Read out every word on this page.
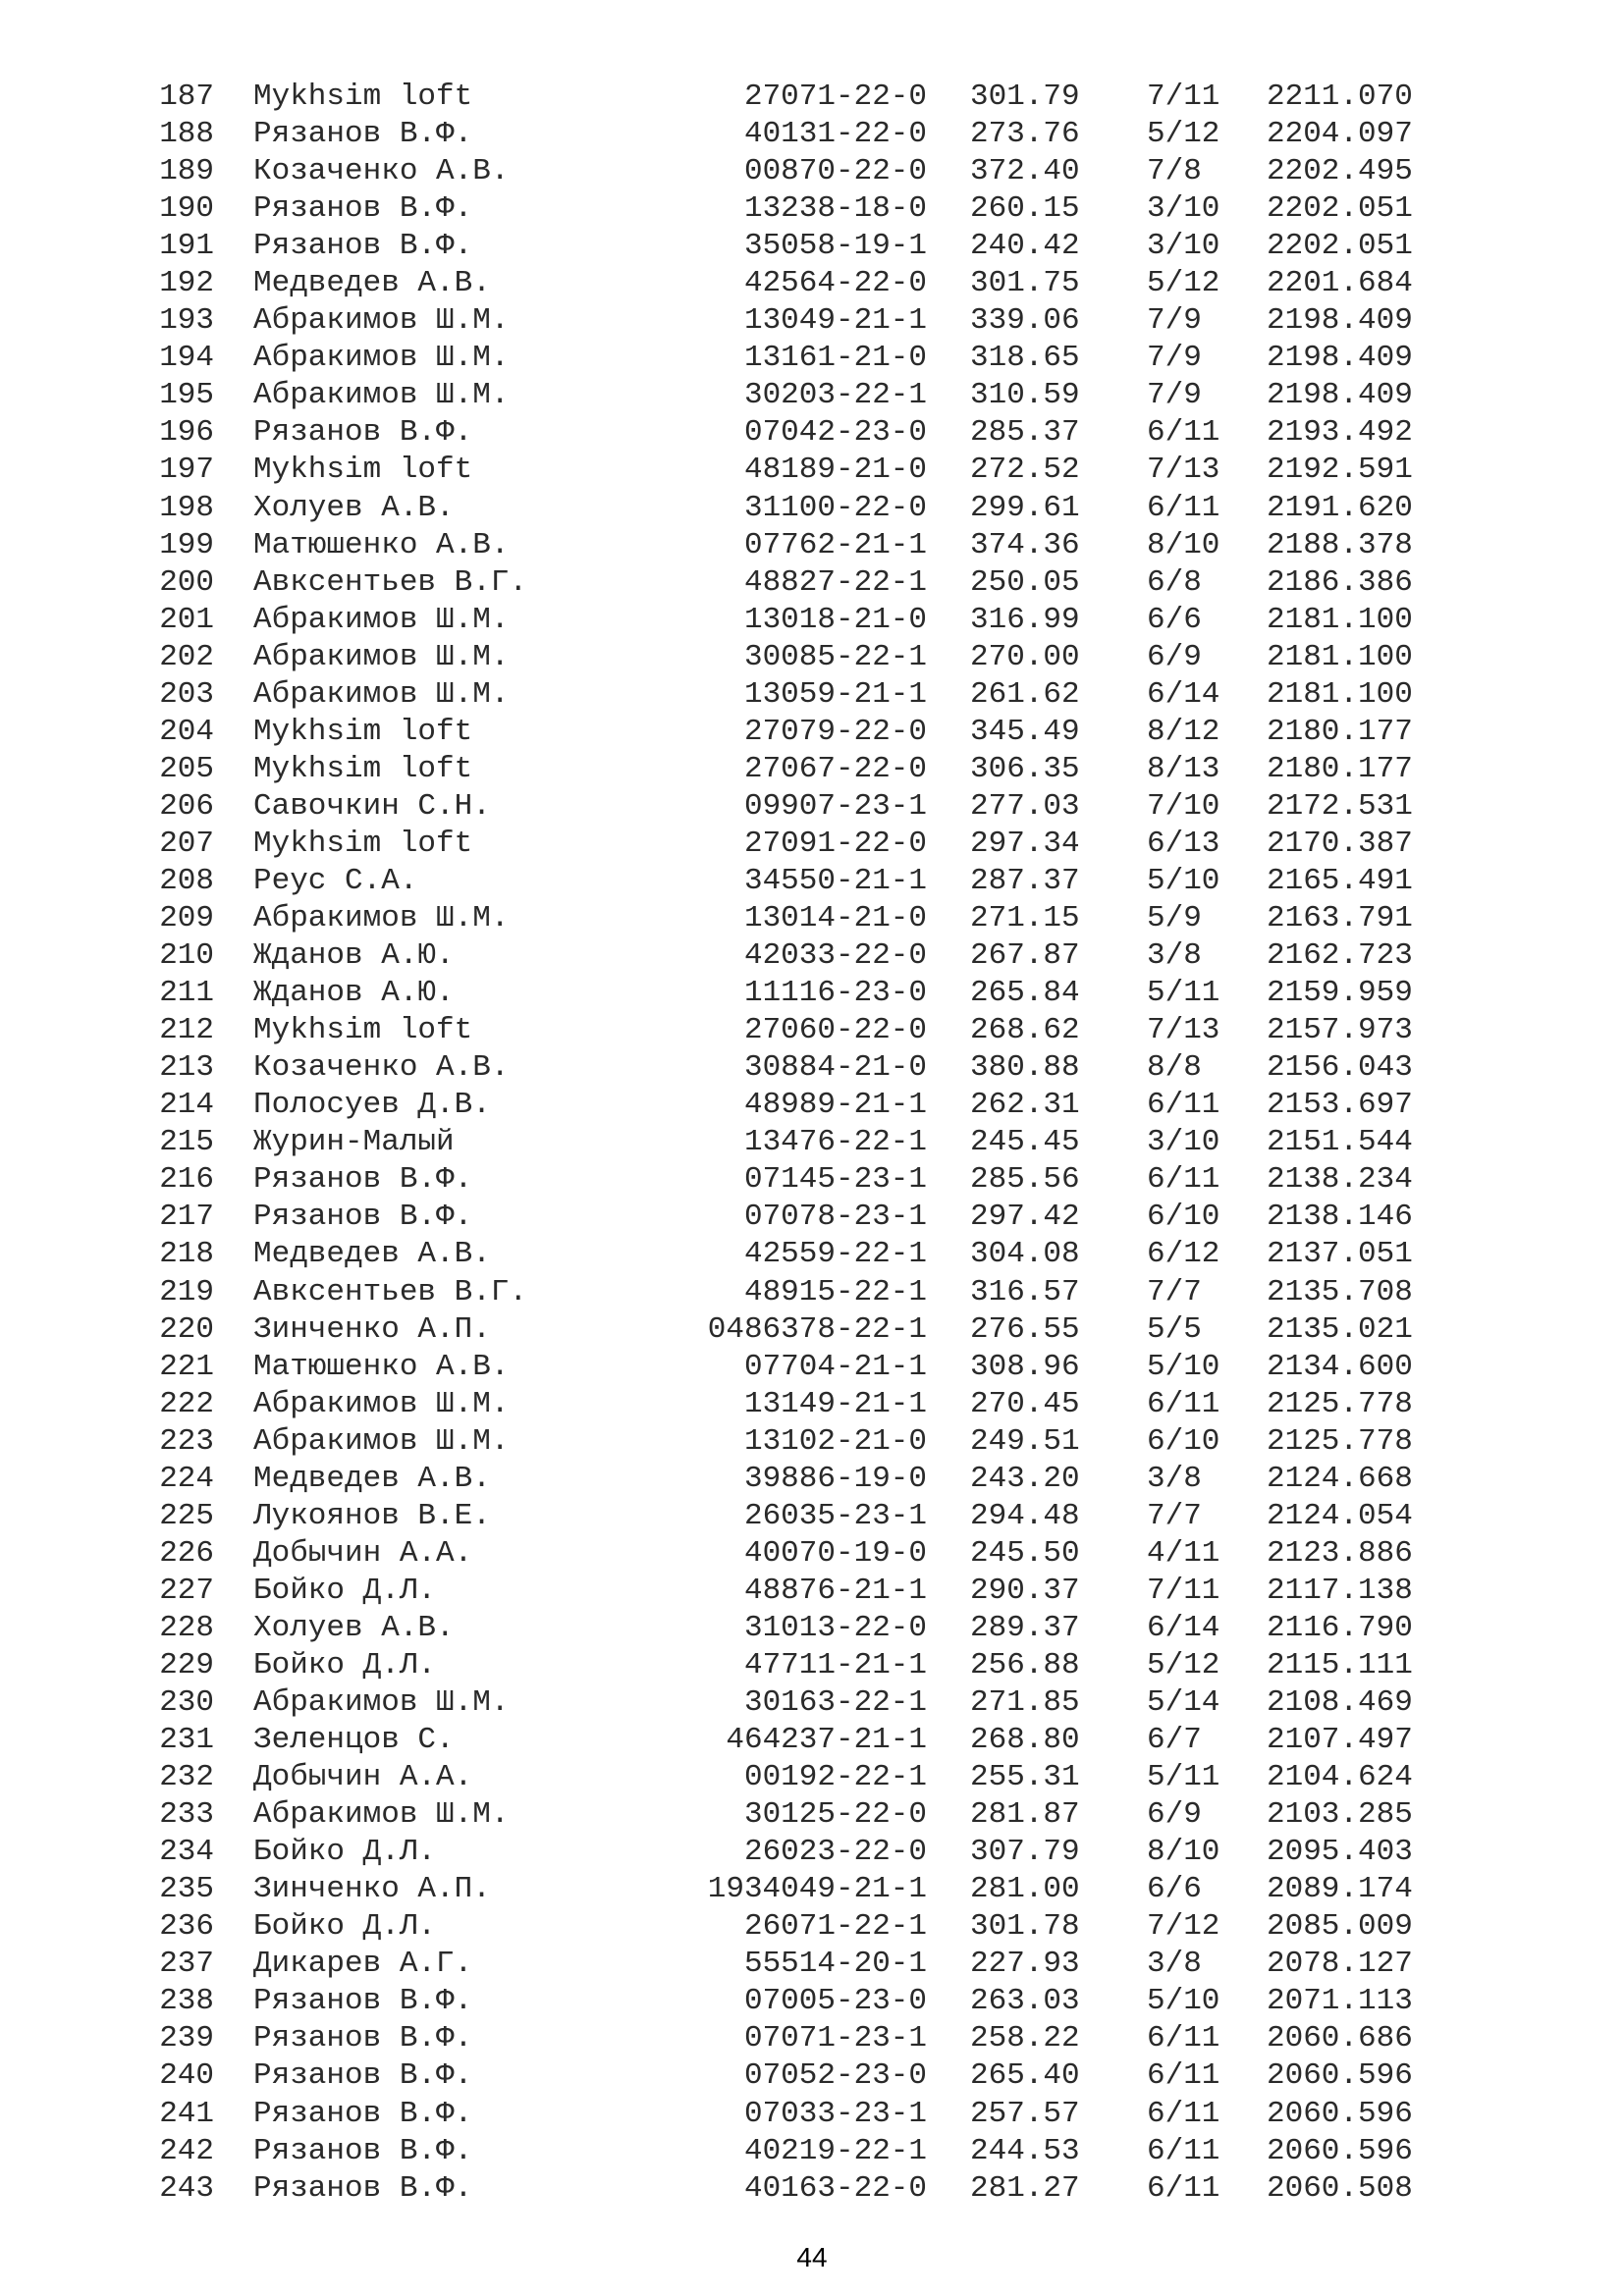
187 Mykhsim loft	27071-22-0 301.79 7/11 2211.070
188 Рязанов В.Ф.	40131-22-0 273.76 5/12 2204.097
189 Козаченко А.В.	00870-22-0 372.40 7/8 2202.495
190 Рязанов В.Ф.	13238-18-0 260.15 3/10 2202.051
191 Рязанов В.Ф.	35058-19-1 240.42 3/10 2202.051
192 Медведев А.В.	42564-22-0 301.75 5/12 2201.684
193 Абракимов Ш.М.	13049-21-1 339.06 7/9 2198.409
194 Абракимов Ш.М.	13161-21-0 318.65 7/9 2198.409
195 Абракимов Ш.М.	30203-22-1 310.59 7/9 2198.409
196 Рязанов В.Ф.	07042-23-0 285.37 6/11 2193.492
197 Mykhsim loft	48189-21-0 272.52 7/13 2192.591
198 Холуев А.В.	31100-22-0 299.61 6/11 2191.620
199 Матюшенко А.В.	07762-21-1 374.36 8/10 2188.378
200 Авксентьев В.Г.	48827-22-1 250.05 6/8 2186.386
201 Абракимов Ш.М.	13018-21-0 316.99 6/6 2181.100
202 Абракимов Ш.М.	30085-22-1 270.00 6/9 2181.100
203 Абракимов Ш.М.	13059-21-1 261.62 6/14 2181.100
204 Mykhsim loft	27079-22-0 345.49 8/12 2180.177
205 Mykhsim loft	27067-22-0 306.35 8/13 2180.177
206 Савочкин С.Н.	09907-23-1 277.03 7/10 2172.531
207 Mykhsim loft	27091-22-0 297.34 6/13 2170.387
208 Реус С.А.	34550-21-1 287.37 5/10 2165.491
209 Абракимов Ш.М.	13014-21-0 271.15 5/9 2163.791
210 Жданов А.Ю.	42033-22-0 267.87 3/8 2162.723
211 Жданов А.Ю.	11116-23-0 265.84 5/11 2159.959
212 Mykhsim loft	27060-22-0 268.62 7/13 2157.973
213 Козаченко А.В.	30884-21-0 380.88 8/8 2156.043
214 Полосуев Д.В.	48989-21-1 262.31 6/11 2153.697
215 Журин-Малый	13476-22-1 245.45 3/10 2151.544
216 Рязанов В.Ф.	07145-23-1 285.56 6/11 2138.234
217 Рязанов В.Ф.	07078-23-1 297.42 6/10 2138.146
218 Медведев А.В.	42559-22-1 304.08 6/12 2137.051
219 Авксентьев В.Г.	48915-22-1 316.57 7/7 2135.708
220 Зинченко А.П.	0486378-22-1 276.55 5/5 2135.021
221 Матюшенко А.В.	07704-21-1 308.96 5/10 2134.600
222 Абракимов Ш.М.	13149-21-1 270.45 6/11 2125.778
223 Абракимов Ш.М.	13102-21-0 249.51 6/10 2125.778
224 Медведев А.В.	39886-19-0 243.20 3/8 2124.668
225 Лукоянов В.Е.	26035-23-1 294.48 7/7 2124.054
226 Добычин А.А.	40070-19-0 245.50 4/11 2123.886
227 Бойко Д.Л.	48876-21-1 290.37 7/11 2117.138
228 Холуев А.В.	31013-22-0 289.37 6/14 2116.790
229 Бойко Д.Л.	47711-21-1 256.88 5/12 2115.111
230 Абракимов Ш.М.	30163-22-1 271.85 5/14 2108.469
231 Зеленцов С.	464237-21-1 268.80 6/7 2107.497
232 Добычин А.А.	00192-22-1 255.31 5/11 2104.624
233 Абракимов Ш.М.	30125-22-0 281.87 6/9 2103.285
234 Бойко Д.Л.	26023-22-0 307.79 8/10 2095.403
235 Зинченко А.П.	1934049-21-1 281.00 6/6 2089.174
236 Бойко Д.Л.	26071-22-1 301.78 7/12 2085.009
237 Дикарев А.Г.	55514-20-1 227.93 3/8 2078.127
238 Рязанов В.Ф.	07005-23-0 263.03 5/10 2071.113
239 Рязанов В.Ф.	07071-23-1 258.22 6/11 2060.686
240 Рязанов В.Ф.	07052-23-0 265.40 6/11 2060.596
241 Рязанов В.Ф.	07033-23-1 257.57 6/11 2060.596
242 Рязанов В.Ф.	40219-22-1 244.53 6/11 2060.596
243 Рязанов В.Ф.	40163-22-0 281.27 6/11 2060.508
44
